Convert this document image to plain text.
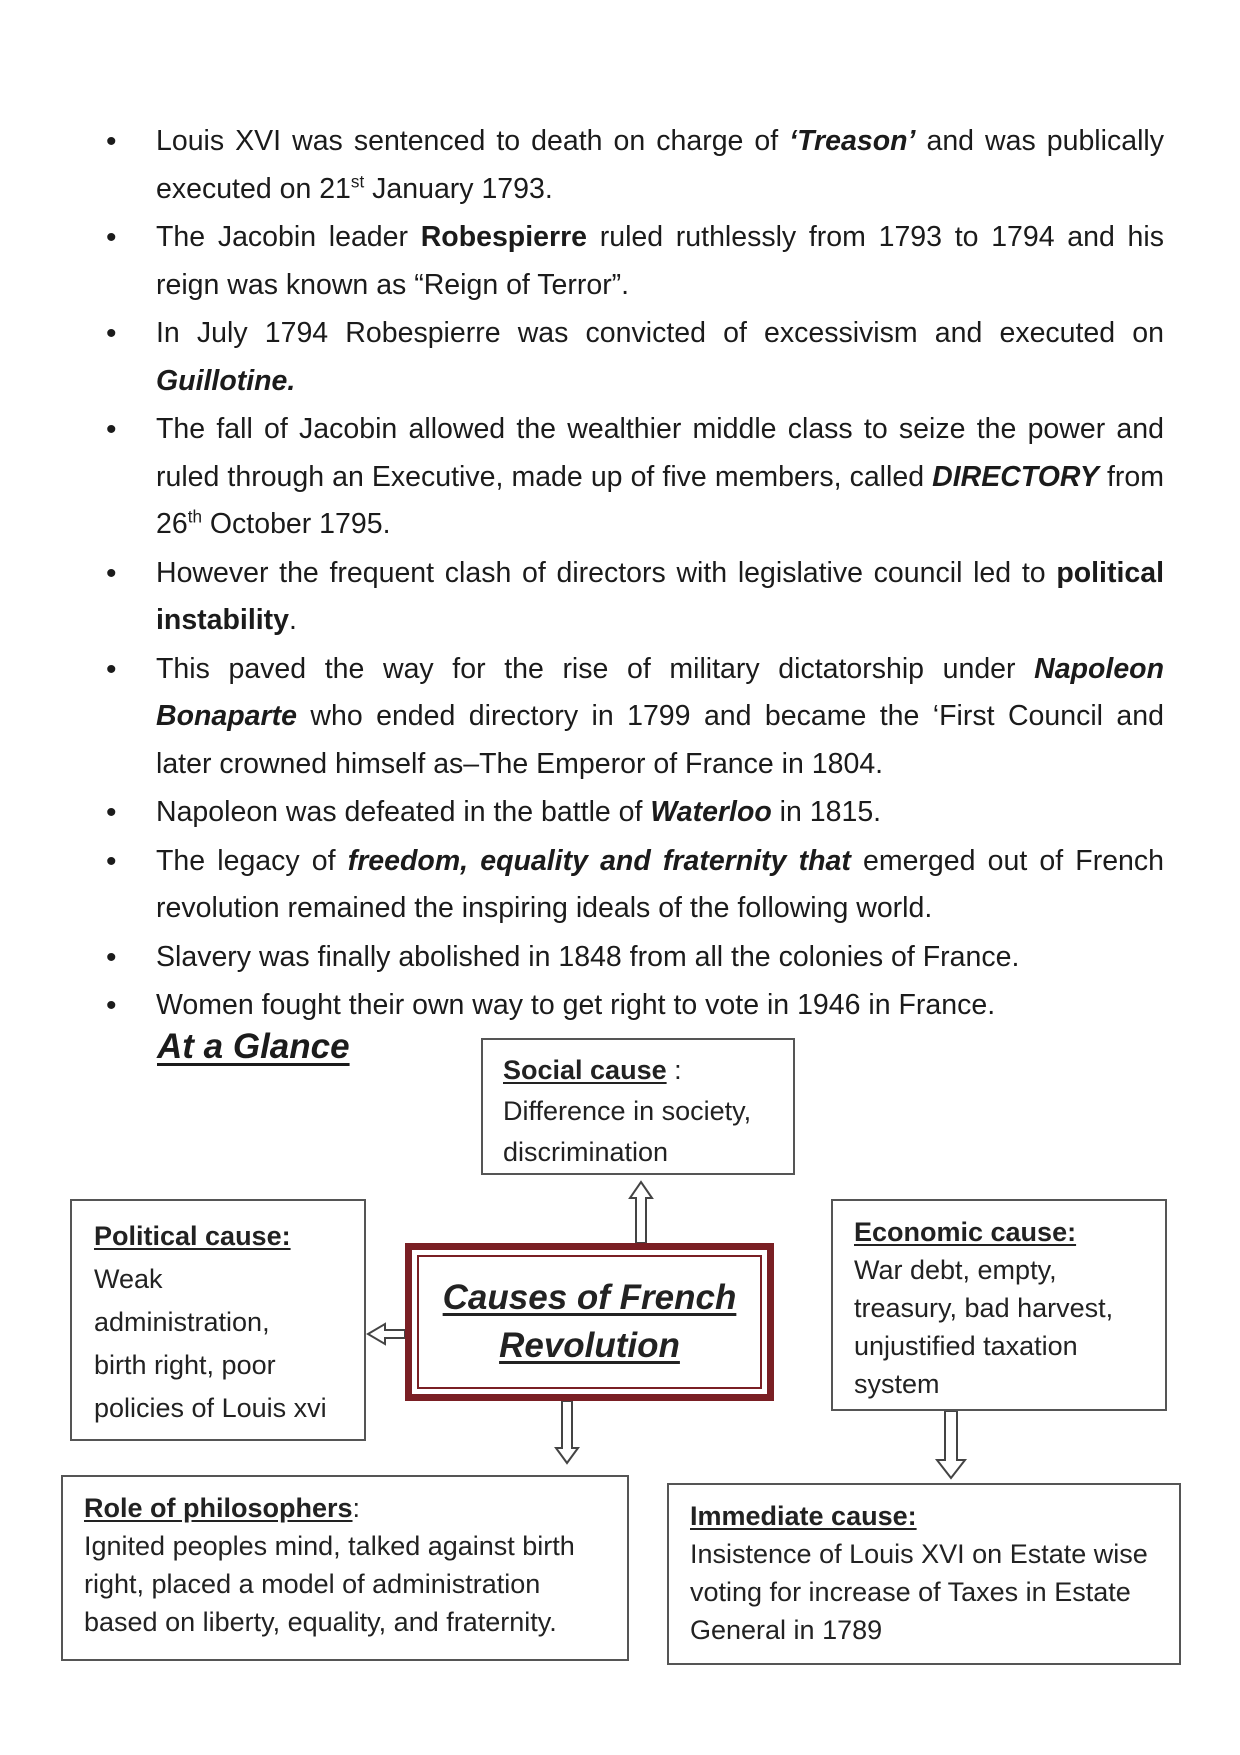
• Louis XVI was sentenced to death on charge of ‘Treason’ and was publically executed on 21st January 1793.
• The Jacobin leader Robespierre ruled ruthlessly from 1793 to 1794 and his reign was known as “Reign of Terror”.
• In July 1794 Robespierre was convicted of excessivism and executed on Guillotine.
• The fall of Jacobin allowed the wealthier middle class to seize the power and ruled through an Executive, made up of five members, called DIRECTORY from 26th October 1795.
• However the frequent clash of directors with legislative council led to political instability.
• This paved the way for the rise of military dictatorship under Napoleon Bonaparte who ended directory in 1799 and became the ‘First Council and later crowned himself as–The Emperor of France in 1804.
• Napoleon was defeated in the battle of Waterloo in 1815.
• The legacy of freedom, equality and fraternity that emerged out of French revolution remained the inspiring ideals of the following world.
• Slavery was finally abolished in 1848 from all the colonies of France.
• Women fought their own way to get right to vote in 1946 in France.
At a Glance
Social cause :
Difference in society,
discrimination
Political cause:
Weak
administration,
birth right, poor
policies of Louis xvi
Causes of French
Revolution
Economic cause:
War debt, empty,
treasury, bad harvest,
unjustified taxation
system
Role of philosophers:
Ignited peoples mind, talked against birth
right, placed a model of administration
based on liberty, equality, and fraternity.
Immediate cause:
Insistence of Louis XVI on Estate wise
voting for increase of Taxes in Estate
General in 1789
